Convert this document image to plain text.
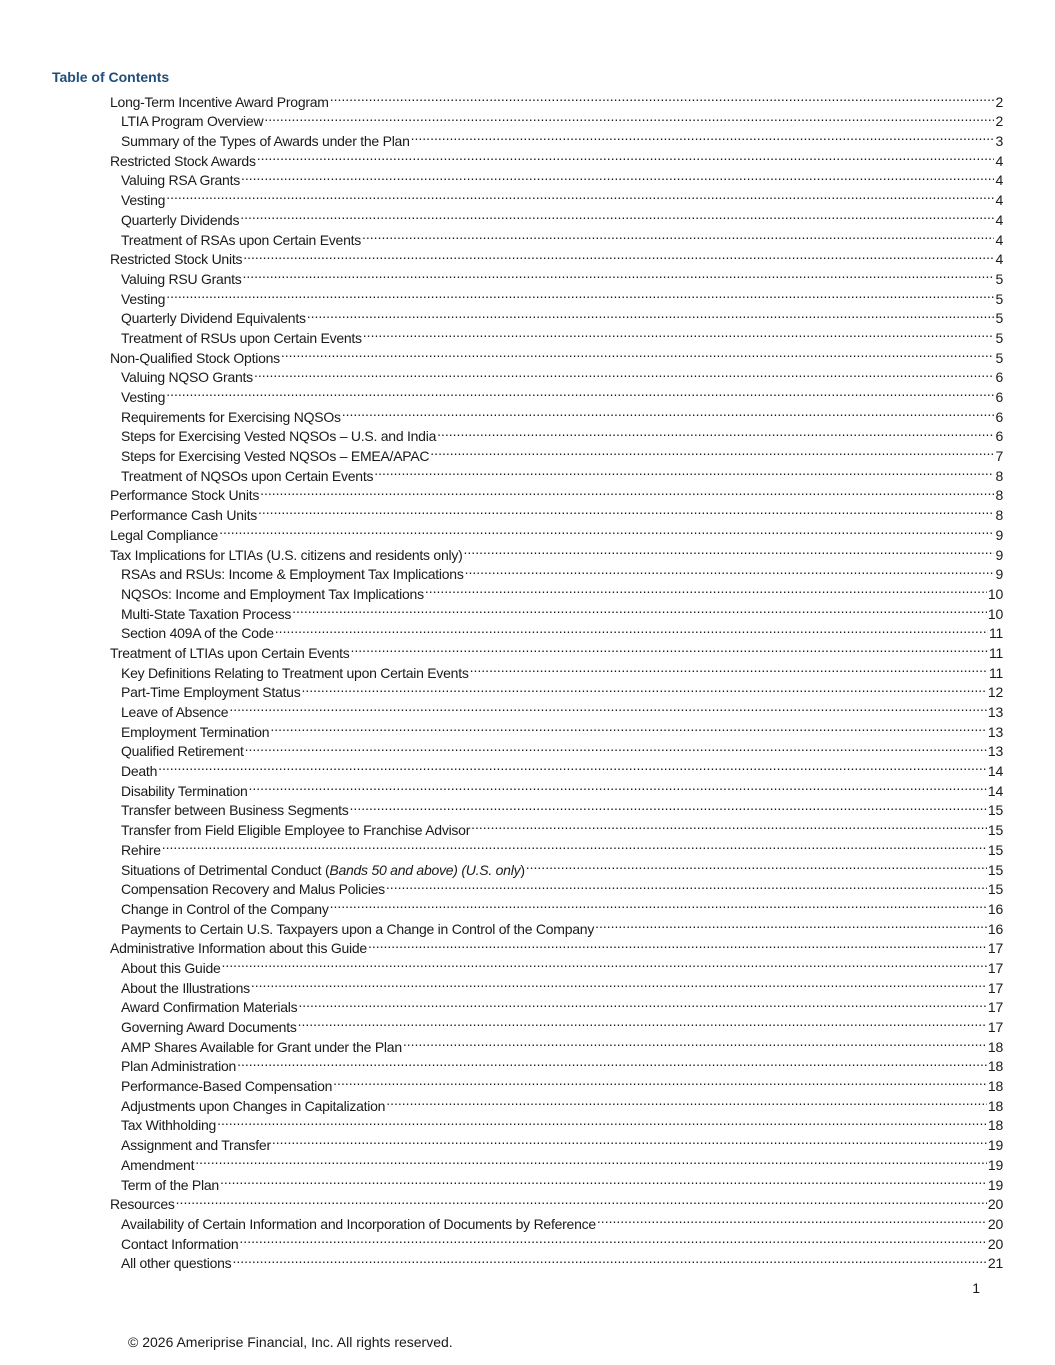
Table of Contents
Long-Term Incentive Award Program .....	2
LTIA Program Overview .....	2
Summary of the Types of Awards under the Plan .....	3
Restricted Stock Awards .....	4
Valuing RSA Grants .....	4
Vesting .....	4
Quarterly Dividends .....	4
Treatment of RSAs upon Certain Events .....	4
Restricted Stock Units .....	4
Valuing RSU Grants .....	5
Vesting .....	5
Quarterly Dividend Equivalents .....	5
Treatment of RSUs upon Certain Events .....	5
Non-Qualified Stock Options .....	5
Valuing NQSO Grants .....	6
Vesting .....	6
Requirements for Exercising NQSOs .....	6
Steps for Exercising Vested NQSOs – U.S. and India .....	6
Steps for Exercising Vested NQSOs – EMEA/APAC .....	7
Treatment of NQSOs upon Certain Events .....	8
Performance Stock Units .....	8
Performance Cash Units .....	8
Legal Compliance .....	9
Tax Implications for LTIAs (U.S. citizens and residents only) .....	9
RSAs and RSUs: Income & Employment Tax Implications .....	9
NQSOs: Income and Employment Tax Implications .....	10
Multi-State Taxation Process .....	10
Section 409A of the Code .....	11
Treatment of LTIAs upon Certain Events .....	11
Key Definitions Relating to Treatment upon Certain Events .....	11
Part-Time Employment Status .....	12
Leave of Absence .....	13
Employment Termination .....	13
Qualified Retirement .....	13
Death .....	14
Disability Termination .....	14
Transfer between Business Segments .....	15
Transfer from Field Eligible Employee to Franchise Advisor .....	15
Rehire .....	15
Situations of Detrimental Conduct (Bands 50 and above) (U.S. only) .....	15
Compensation Recovery and Malus Policies .....	15
Change in Control of the Company .....	16
Payments to Certain U.S. Taxpayers upon a Change in Control of the Company .....	16
Administrative Information about this Guide .....	17
About this Guide .....	17
About the Illustrations .....	17
Award Confirmation Materials .....	17
Governing Award Documents .....	17
AMP Shares Available for Grant under the Plan .....	18
Plan Administration .....	18
Performance-Based Compensation .....	18
Adjustments upon Changes in Capitalization .....	18
Tax Withholding .....	18
Assignment and Transfer .....	19
Amendment .....	19
Term of the Plan .....	19
Resources .....	20
Availability of Certain Information and Incorporation of Documents by Reference .....	20
Contact Information .....	20
All other questions .....	21
1
© 2026 Ameriprise Financial, Inc. All rights reserved.
